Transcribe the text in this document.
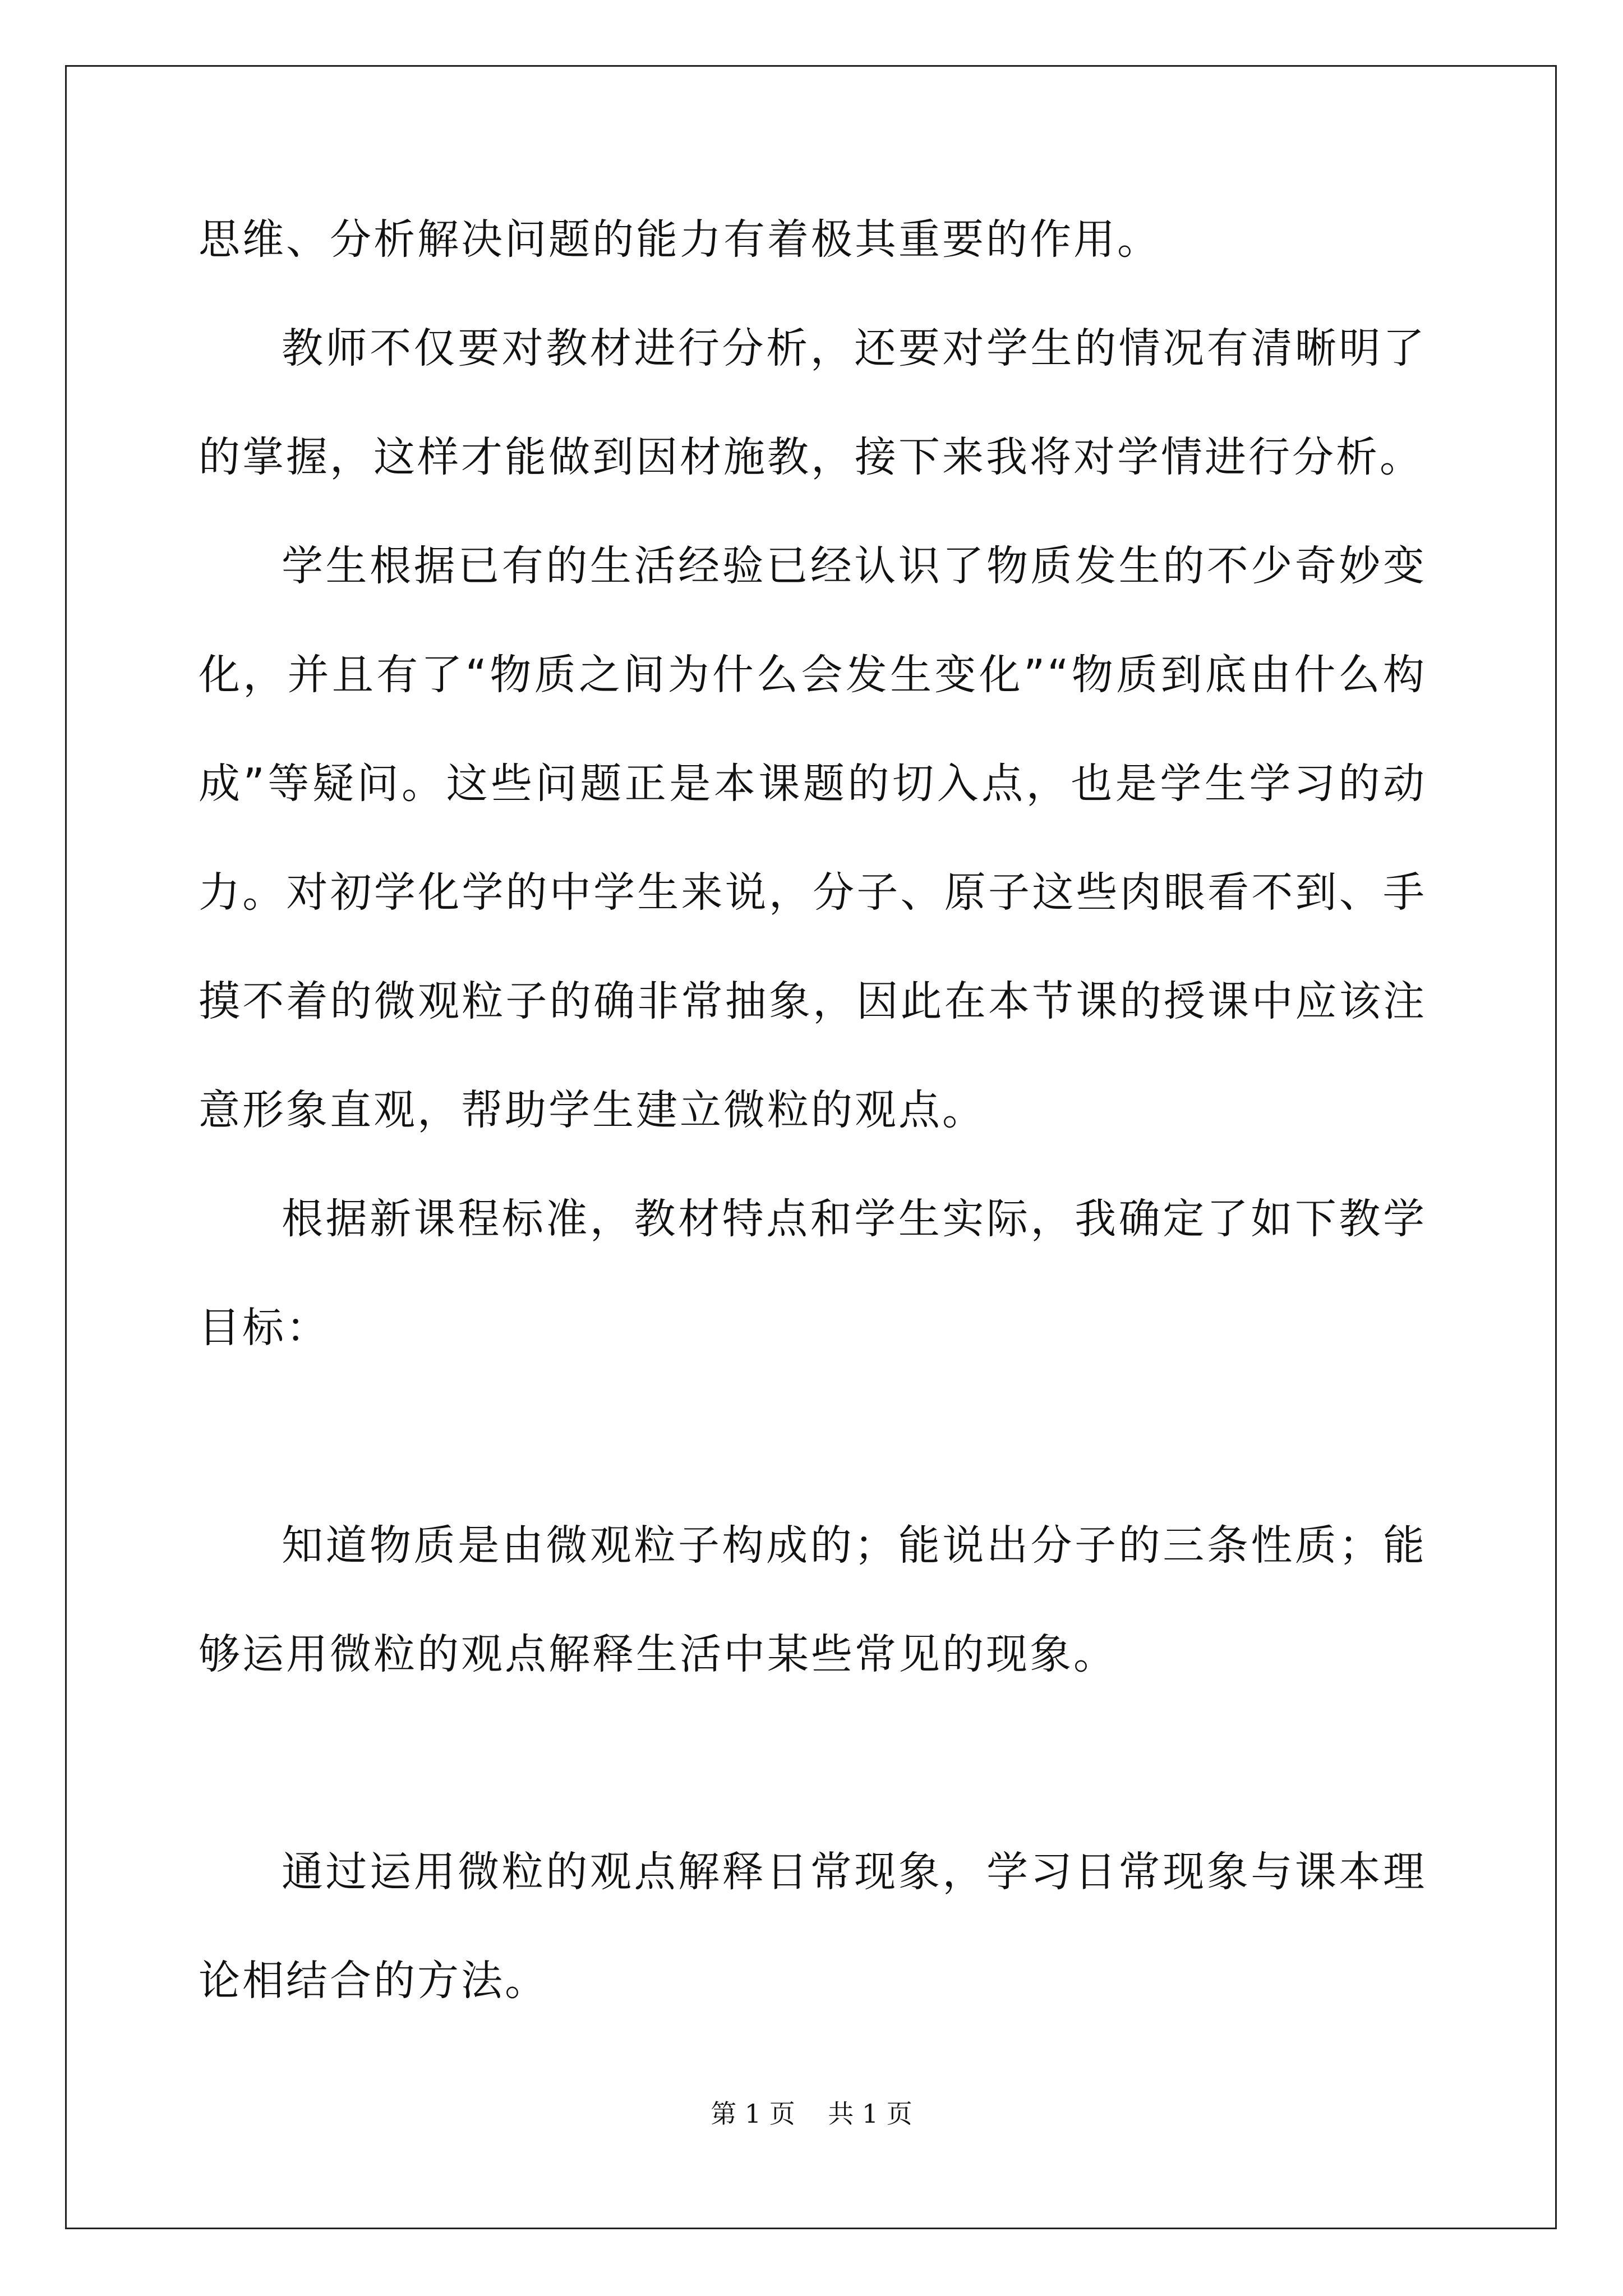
思维、分析解决问题的能力有着极其重要的作用。

教师不仅要对教材进行分析，还要对学生的情况有清晰明了的掌握，这样才能做到因材施教，接下来我将对学情进行分析。

学生根据已有的生活经验已经认识了物质发生的不少奇妙变化，并且有了“物质之间为什么会发生变化”“物质到底由什么构成”等疑问。这些问题正是本课题的切入点，也是学生学习的动力。对初学化学的中学生来说，分子、原子这些肉眼看不到、手摸不着的微观粒子的确非常抽象，因此在本节课的授课中应该注意形象直观，帮助学生建立微粒的观点。

根据新课程标准，教材特点和学生实际，我确定了如下教学目标：

知道物质是由微观粒子构成的；能说出分子的三条性质；能够运用微粒的观点解释生活中某些常见的现象。

通过运用微粒的观点解释日常现象，学习日常现象与课本理论相结合的方法。

第 1 页    共 1 页
